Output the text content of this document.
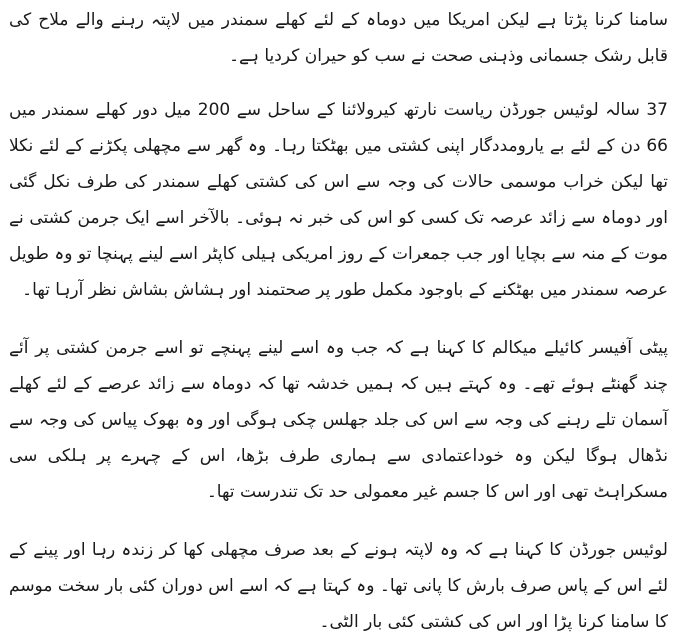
سامنا کرنا پڑتا ہے لیکن امریکا میں دوماہ کے لئے کھلے سمندر میں لاپتہ رہنے والے ملاح کی قابل رشک جسمانی وذہنی صحت نے سب کو حیران کردیا ہے۔

37 سالہ لوئیس جورڈن ریاست نارتھ کیرولائنا کے ساحل سے 200 میل دور کھلے سمندر میں 66 دن کے لئے بے یارومددگار اپنی کشتی میں بھٹکتا رہا۔ وہ گھر سے مچھلی پکڑنے کے لئے نکلا تھا لیکن خراب موسمی حالات کی وجہ سے اس کی کشتی کھلے سمندر کی طرف نکل گئی اور دوماہ سے زائد عرصہ تک کسی کو اس کی خبر نہ ہوئی۔ بالآخر اسے ایک جرمن کشتی نے موت کے منہ سے بچایا اور جب جمعرات کے روز امریکی ہیلی کاپٹر اسے لینے پہنچا تو وہ طویل عرصہ سمندر میں بھٹکنے کے باوجود مکمل طور پر صحتمند اور ہشاش بشاش نظر آرہا تھا۔

پیٹی آفیسر کائیلے میکالم کا کہنا ہے کہ جب وہ اسے لینے پہنچے تو اسے جرمن کشتی پر آئے چند گھنٹے ہوئے تھے۔ وہ کہتے ہیں کہ ہمیں خدشہ تھا کہ دوماہ سے زائد عرصے کے لئے کھلے آسمان تلے رہنے کی وجہ سے اس کی جلد جھلس چکی ہوگی اور وہ بھوک پیاس کی وجہ سے نڈھال ہوگا لیکن وہ خوداعتمادی سے ہماری طرف بڑھا، اس کے چہرے پر ہلکی سی مسکراہٹ تھی اور اس کا جسم غیر معمولی حد تک تندرست تھا۔

لوئیس جورڈن کا کہنا ہے کہ وہ لاپتہ ہونے کے بعد صرف مچھلی کھا کر زندہ رہا اور پینے کے لئے اس کے پاس صرف بارش کا پانی تھا۔ وہ کہتا ہے کہ اسے اس دوران کئی بار سخت موسم کا سامنا کرنا پڑا اور اس کی کشتی کئی بار الٹی۔
